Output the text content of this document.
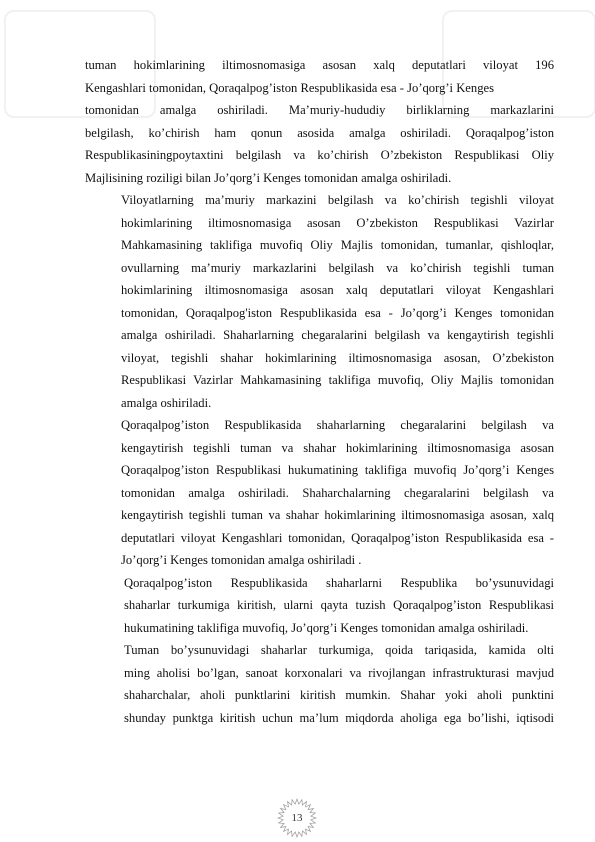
tuman hokimlarining iltimosnomasiga asosan xalq deputatlari viloyat 196
Kengashlari tomonidan, Qoraqalpog’iston Respublikasida esa - Jo’qorg’i Kenges
tomonidan amalga oshiriladi. Ma’muriy-hududiy birliklarning markazlarini
belgilash, ko’chirish ham qonun asosida amalga oshiriladi. Qoraqalpog’iston
Respublikasiningpoytaxtini belgilash va ko’chirish O’zbekiston Respublikasi Oliy
Majlisining roziligi bilan Jo’qorg’i Kenges tomonidan amalga oshiriladi.

Viloyatlarning ma’muriy markazini belgilash va ko’chirish tegishli viloyat
hokimlarining iltimosnomasiga asosan O’zbekiston Respublikasi Vazirlar
Mahkamasining taklifiga muvofiq Oliy Majlis tomonidan, tumanlar, qishloqlar,
ovullarning ma’muriy markazlarini belgilash va ko’chirish tegishli tuman
hokimlarining iltimosnomasiga asosan xalq deputatlari viloyat Kengashlari
tomonidan, Qoraqalpog'iston Respublikasida esa - Jo’qorg’i Kenges tomonidan
amalga oshiriladi. Shaharlarning chegaralarini belgilash va kengaytirish tegishli
viloyat, tegishli shahar hokimlarining iltimosnomasiga asosan, O’zbekiston
Respublikasi Vazirlar Mahkamasining taklifiga muvofiq, Oliy Majlis tomonidan
amalga oshiriladi.

Qoraqalpog’iston Respublikasida shaharlarning chegaralarini belgilash va
kengaytirish tegishli tuman va shahar hokimlarining iltimosnomasiga asosan
Qoraqalpog’iston Respublikasi hukumatining taklifiga muvofiq Jo’qorg’i Kenges
tomonidan amalga oshiriladi. Shaharchalarning chegaralarini belgilash va
kengaytirish tegishli tuman va shahar hokimlarining iltimosnomasiga asosan, xalq
deputatlari viloyat Kengashlari tomonidan, Qoraqalpog’iston Respublikasida esa -
Jo’qorg’i Kenges tomonidan amalga oshiriladi .

Qoraqalpog’iston Respublikasida shaharlarni Respublika bo’ysunuvidagi
shaharlar turkumiga kiritish, ularni qayta tuzish Qoraqalpog’iston Respublikasi
hukumatining taklifiga muvofiq, Jo’qorg’i Kenges tomonidan amalga oshiriladi.

Tuman bo’ysunuvidagi shaharlar turkumiga, qoida tariqasida, kamida olti
ming aholisi bo’lgan, sanoat korxonalari va rivojlangan infrastrukturasi mavjud
shaharchalar, aholi punktlarini kiritish mumkin. Shahar yoki aholi punktini
shunday punktga kiritish uchun ma’lum miqdorda aholiga ega bo’lishi, iqtisodi

13
